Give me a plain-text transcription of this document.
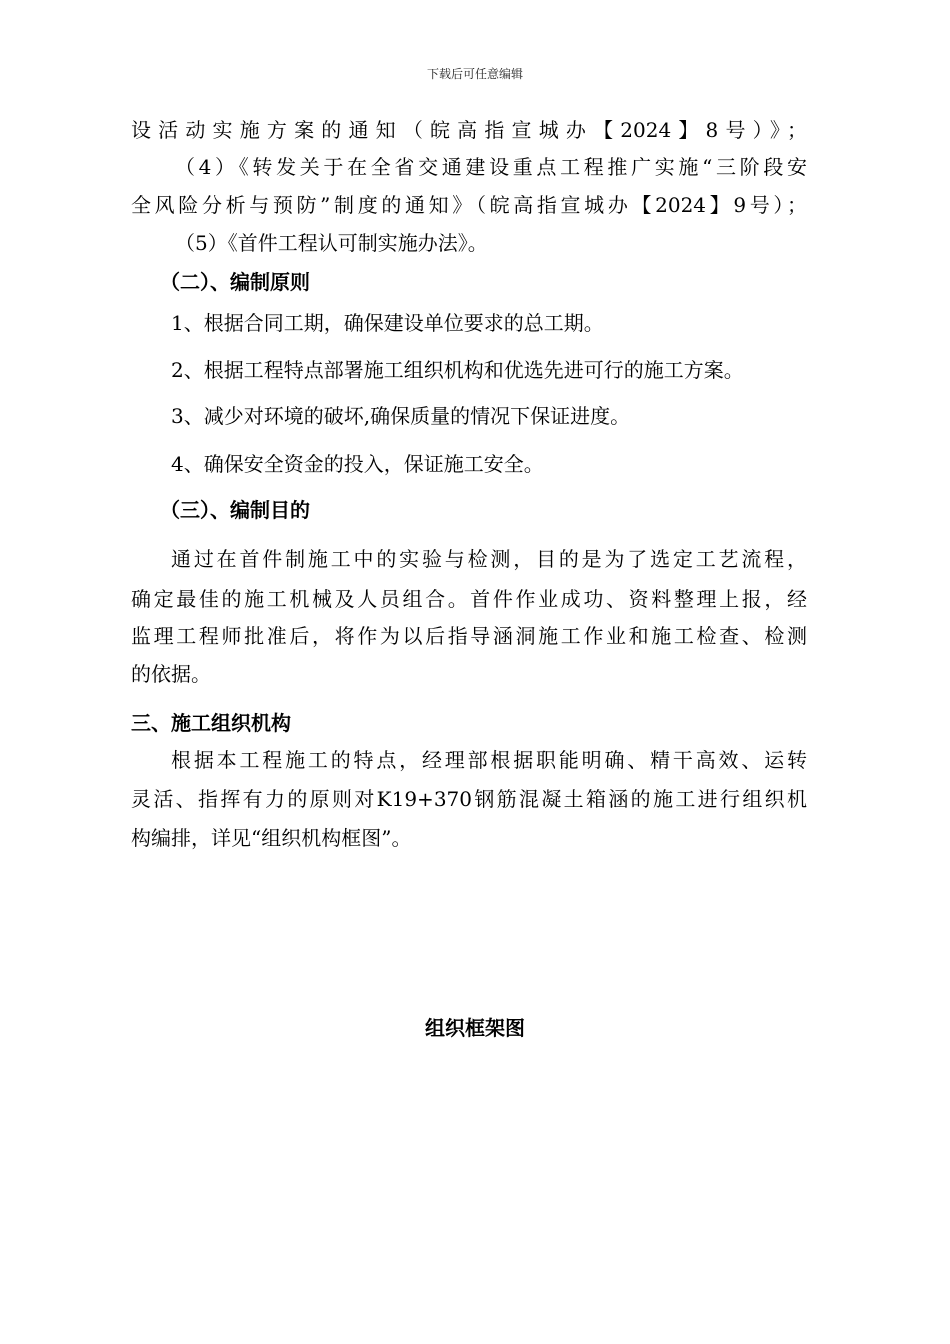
下载后可任意编辑
设活动实施方案的通知（皖高指宣城办【2024】8号）》；
（4）《转发关于在全省交通建设重点工程推广实施“三阶段安
全风险分析与预防”制度的通知》（皖高指宣城办【2024】9号）；
（5）《首件工程认可制实施办法》。
（二）、编制原则
1、根据合同工期，确保建设单位要求的总工期。
2、根据工程特点部署施工组织机构和优选先进可行的施工方案。
3、减少对环境的破坏,确保质量的情况下保证进度。
4、确保安全资金的投入，保证施工安全。
（三）、编制目的
通过在首件制施工中的实验与检测，目的是为了选定工艺流程，
确定最佳的施工机械及人员组合。首件作业成功、资料整理上报，经
监理工程师批准后，将作为以后指导涵洞施工作业和施工检查、检测
的依据。
三、施工组织机构
根据本工程施工的特点，经理部根据职能明确、精干高效、运转
灵活、指挥有力的原则对K19+370钢筋混凝土箱涵的施工进行组织机
构编排，详见“组织机构框图”。
组织框架图
